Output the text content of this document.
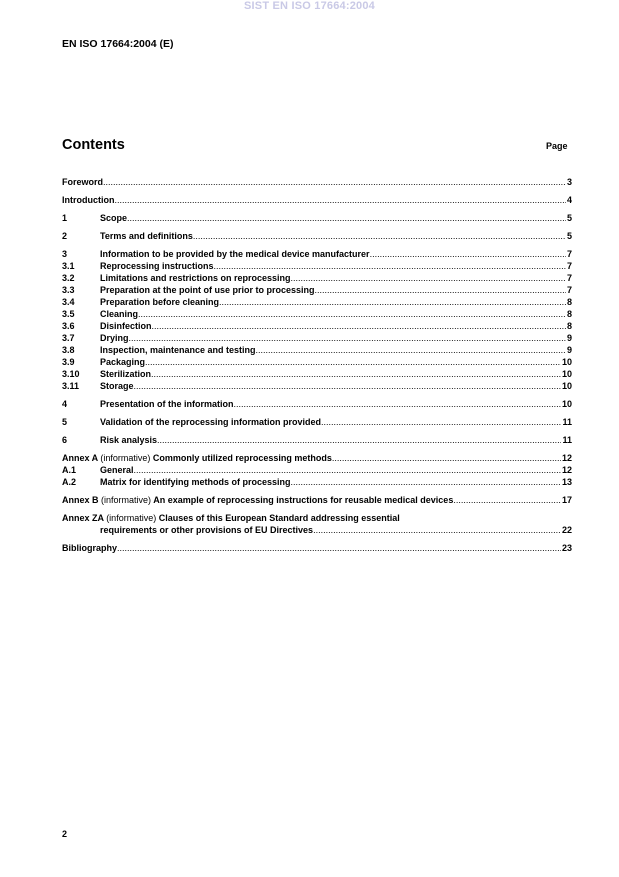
SIST EN ISO 17664:2004
EN ISO 17664:2004 (E)
Contents	Page
Foreword .....	3
Introduction .....	4
1	Scope .....	5
2	Terms and definitions .....	5
3	Information to be provided by the medical device manufacturer .....	7
3.1	Reprocessing instructions .....	7
3.2	Limitations and restrictions on reprocessing .....	7
3.3	Preparation at the point of use prior to processing .....	7
3.4	Preparation before cleaning .....	8
3.5	Cleaning .....	8
3.6	Disinfection .....	8
3.7	Drying .....	9
3.8	Inspection, maintenance and testing .....	9
3.9	Packaging .....	10
3.10	Sterilization .....	10
3.11	Storage .....	10
4	Presentation of the information .....	10
5	Validation of the reprocessing information provided .....	11
6	Risk analysis .....	11
Annex A (informative) Commonly utilized reprocessing methods .....	12
A.1	General .....	12
A.2	Matrix for identifying methods of processing .....	13
Annex B (informative) An example of reprocessing instructions for reusable medical devices .....	17
Annex ZA (informative) Clauses of this European Standard addressing essential
requirements or other provisions of EU Directives .....	22
Bibliography .....	23
2
